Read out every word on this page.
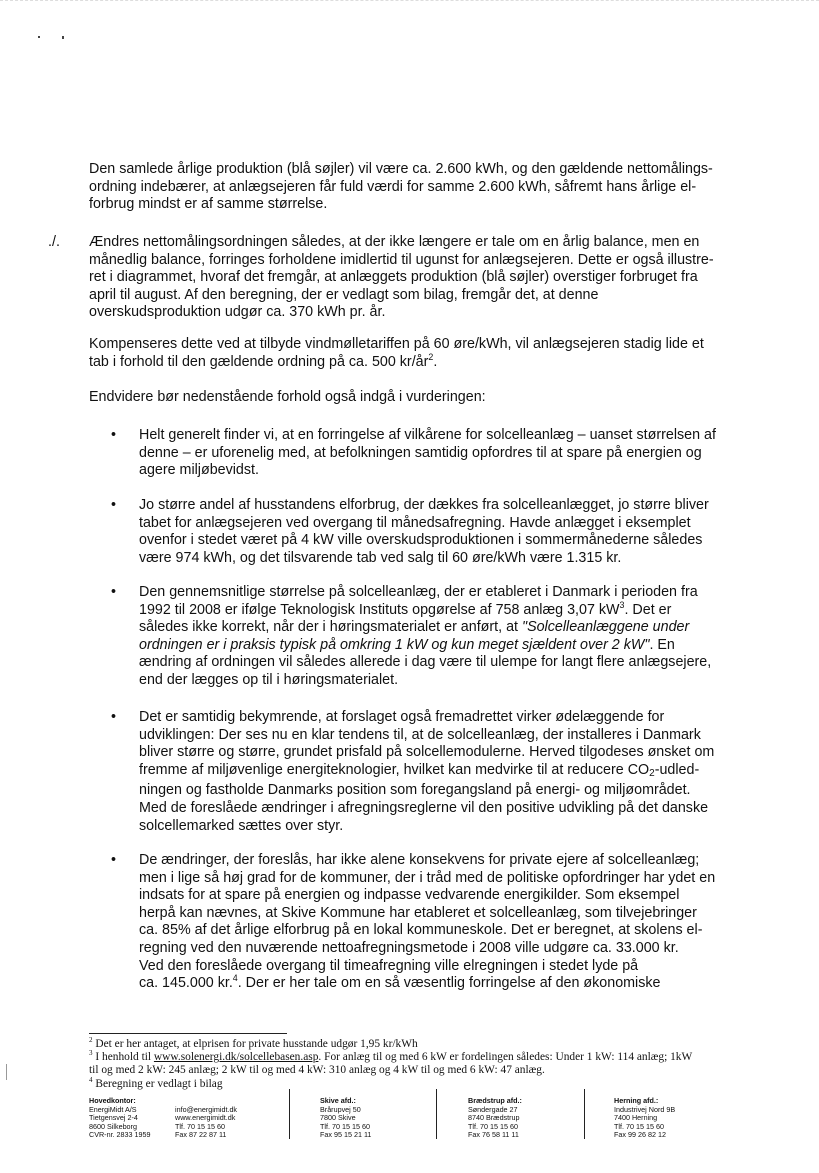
Den samlede årlige produktion (blå søjler) vil være ca. 2.600 kWh, og den gældende nettomålings-
ordning indebærer, at anlægsejeren får fuld værdi for samme 2.600 kWh, såfremt hans årlige el-
forbrug mindst er af samme størrelse.
./. Ændres nettomålingsordningen således, at der ikke længere er tale om en årlig balance, men en
månedlig balance, forringes forholdene imidlertid til ugunst for anlægsejeren. Dette er også illustre-
ret i diagrammet, hvoraf det fremgår, at anlæggets produktion (blå søjler) overstiger forbruget fra
april til august. Af den beregning, der er vedlagt som bilag, fremgår det, at denne
overskudsproduktion udgør ca. 370 kWh pr. år.
Kompenseres dette ved at tilbyde vindmølletariffen på 60 øre/kWh, vil anlægsejeren stadig lide et
tab i forhold til den gældende ordning på ca. 500 $kr/år^2$.
Endvidere bør nedenstående forhold også indgå i vurderingen:
• Helt generelt finder vi, at en forringelse af vilkårene for solcelleanlæg – uanset størrelsen af
denne – er uforenelig med, at befolkningen samtidig opfordres til at spare på energien og
agere miljøbevidst.
• Jo større andel af husstandens elforbrug, der dækkes fra solcelleanlægget, jo større bliver
tabet for anlægsejeren ved overgang til månedsafregning. Havde anlægget i eksemplet
ovenfor i stedet været på 4 kW ville overskudsproduktionen i sommermånederne således
være 974 kWh, og det tilsvarende tab ved salg til 60 øre/kWh være 1.315 kr.
• Den gennemsnitlige størrelse på solcelleanlæg, der er etableret i Danmark i perioden fra
1992 til 2008 er ifølge Teknologisk Instituts opgørelse af 758 anlæg 3,07 $kW^3$. Det er
således ikke korrekt, når der i høringsmaterialet er anført, at "Solcelleanlæggene under
ordningen er i praksis typisk på omkring 1 kW og kun meget sjældent over 2 kW". En
ændring af ordningen vil således allerede i dag være til ulempe for langt flere anlægsejere,
end der lægges op til i høringsmaterialet.
• Det er samtidig bekymrende, at forslaget også fremadrettet virker ødelæggende for
udviklingen: Der ses nu en klar tendens til, at de solcelleanlæg, der installeres i Danmark
bliver større og større, grundet prisfald på solcellemodulerne. Herved tilgodeses ønsket om
fremme af miljøvenlige energiteknologier, hvilket kan medvirke til at reducere CO2-udled-
ningen og fastholde Danmarks position som foregangsland på energi- og miljøområdet.
Med de foreslåede ændringer i afregningsreglerne vil den positive udvikling på det danske
solcellemarked sættes over styr.
• De ændringer, der foreslås, har ikke alene konsekvens for private ejere af solcelleanlæg;
men i lige så høj grad for de kommuner, der i tråd med de politiske opfordringer har ydet en
indsats for at spare på energien og indpasse vedvarende energikilder. Som eksempel
herpå kan nævnes, at Skive Kommune har etableret et solcelleanlæg, som tilvejebringer
ca. 85% af det årlige elforbrug på en lokal kommuneskole. Det er beregnet, at skolens el-
regning ved den nuværende nettoafregningsmetode i 2008 ville udgøre ca. 33.000 kr.
Ved den foreslåede overgang til timeafregning ville elregningen i stedet lyde på
ca. 145.000 kr.$^4$. Der er her tale om en så væsentlig forringelse af den økonomiske

$^2$ Det er her antaget, at elprisen for private husstande udgør 1,95 kr/kWh

$^3$ I henhold til www.solenergi.dk/solcellebasen.asp. For anlæg til og med 6 kW er fordelingen således: Under 1 kW: 114 anlæg; 1kW

til og med 2 kW: 245 anlæg; 2 kW til og med 4 kW: 310 anlæg og 4 kW til og med 6 kW: 47 anlæg.

$^4$ Beregning er vedlagt i bilag

Hovedkontor:
EnergiMidt A/S
Tietgensvej 2-4
8600 Silkeborg
CVR-nr. 2833 1959

info@energimidt.dk
www.energimidt.dk
Tlf. 70 15 15 60
Fax 87 22 87 11
Skive afd.:
Brårupvej 50
7800 Skive
Tlf. 70 15 15 60
Fax 95 15 21 11
Brædstrup afd.:
Søndergade 27
8740 Brædstrup
Tlf. 70 15 15 60
Fax 76 58 11 11
Herning afd.:
Industrivej Nord 9B
7400 Herning
Tlf. 70 15 15 60
Fax 99 26 82 12
